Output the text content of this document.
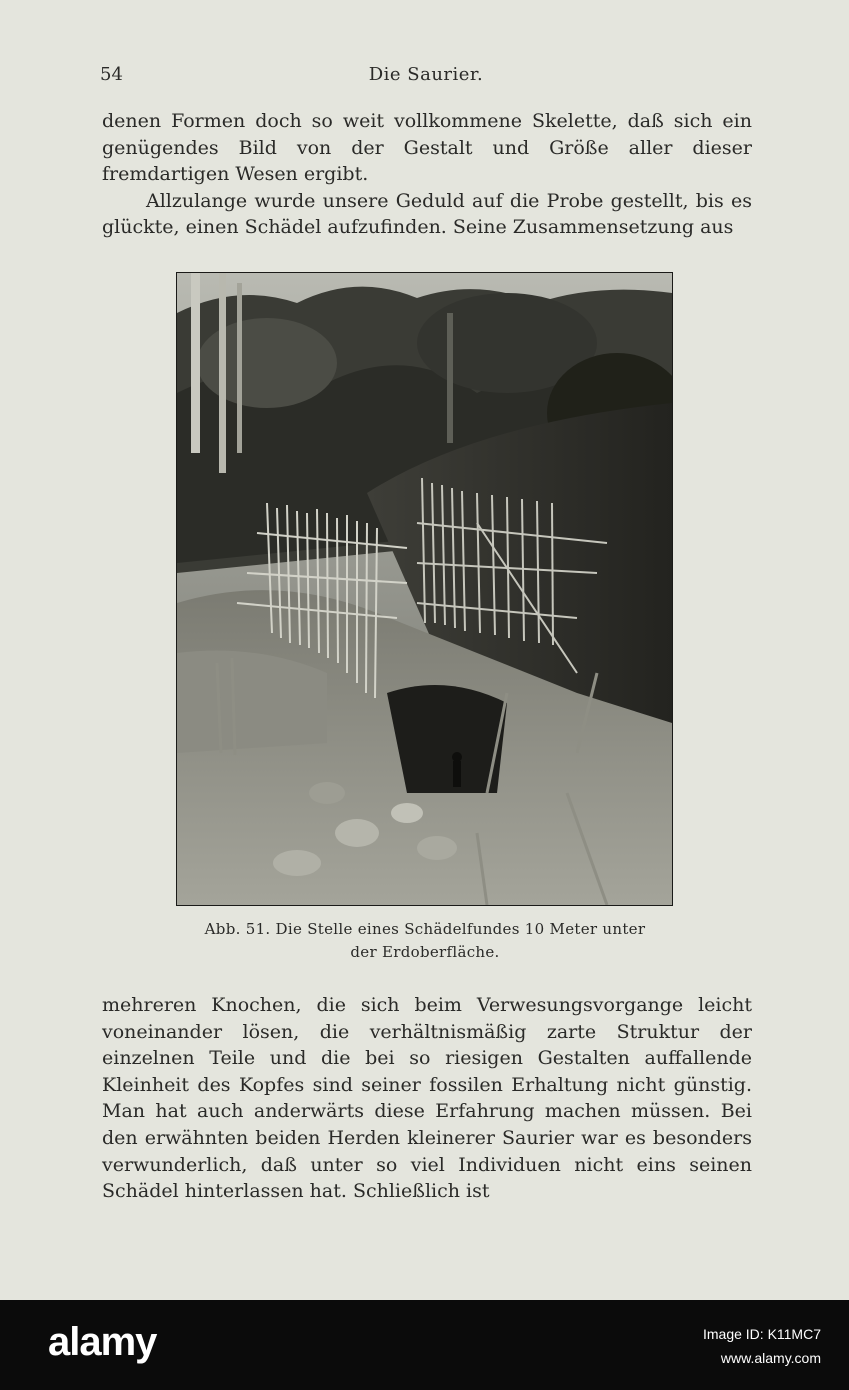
54	Die Saurier.

denen Formen doch so weit vollkommene Skelette, daß sich ein genügendes Bild von der Gestalt und Größe aller dieser fremdartigen Wesen ergibt.

Allzulange wurde unsere Geduld auf die Probe gestellt, bis es glückte, einen Schädel aufzufinden. Seine Zusammensetzung aus

Abb. 51. Die Stelle eines Schädelfundes 10 Meter unter
der Erdoberfläche.

mehreren Knochen, die sich beim Verwesungsvorgange leicht voneinander lösen, die verhältnismäßig zarte Struktur der einzelnen Teile und die bei so riesigen Gestalten auffallende Kleinheit des Kopfes sind seiner fossilen Erhaltung nicht günstig. Man hat auch anderwärts diese Erfahrung machen müssen. Bei den erwähnten beiden Herden kleinerer Saurier war es besonders verwunderlich, daß unter so viel Individuen nicht eins seinen Schädel hinterlassen hat. Schließlich ist

alamy	Image ID: K11MC7
www.alamy.com
